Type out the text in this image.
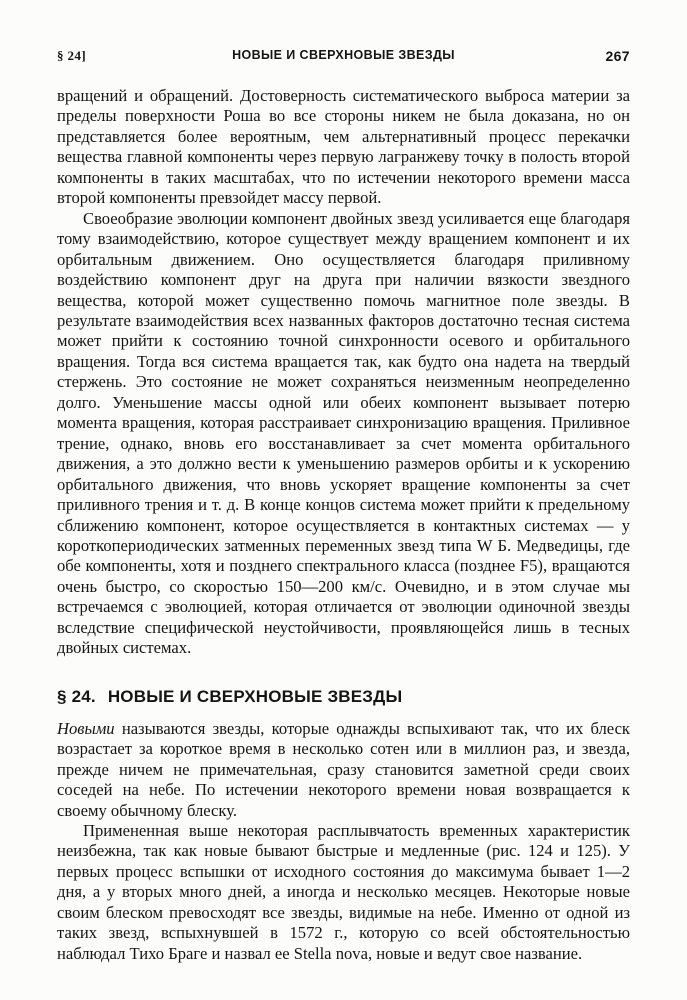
§ 24]	НОВЫЕ И СВЕРХНОВЫЕ ЗВЕЗДЫ	267

вращений и обращений. Достоверность систематического выброса материи за пределы поверхности Роша во все стороны никем не была доказана, но он представляется более вероятным, чем альтернативный процесс перекачки вещества главной компоненты через первую лагранжеву точку в полость второй компоненты в таких масштабах, что по истечении некоторого времени масса второй компоненты превзойдет массу первой.

Своеобразие эволюции компонент двойных звезд усиливается еще благодаря тому взаимодействию, которое существует между вращением компонент и их орбитальным движением. Оно осуществляется благодаря приливному воздействию компонент друг на друга при наличии вязкости звездного вещества, которой может существенно помочь магнитное поле звезды. В результате взаимодействия всех названных факторов достаточно тесная система может прийти к состоянию точной синхронности осевого и орбитального вращения. Тогда вся система вращается так, как будто она надета на твердый стержень. Это состояние не может сохраняться неизменным неопределенно долго. Уменьшение массы одной или обеих компонент вызывает потерю момента вращения, которая расстраивает синхронизацию вращения. Приливное трение, однако, вновь его восстанавливает за счет момента орбитального движения, а это должно вести к уменьшению размеров орбиты и к ускорению орбитального движения, что вновь ускоряет вращение компоненты за счет приливного трения и т. д. В конце концов система может прийти к предельному сближению компонент, которое осуществляется в контактных системах — у короткопериодических затменных переменных звезд типа W Б. Медведицы, где обе компоненты, хотя и позднего спектрального класса (позднее F5), вращаются очень быстро, со скоростью 150—200 км/с. Очевидно, и в этом случае мы встречаемся с эволюцией, которая отличается от эволюции одиночной звезды вследствие специфической неустойчивости, проявляющейся лишь в тесных двойных системах.

§ 24. НОВЫЕ И СВЕРХНОВЫЕ ЗВЕЗДЫ

Новыми называются звезды, которые однажды вспыхивают так, что их блеск возрастает за короткое время в несколько сотен или в миллион раз, и звезда, прежде ничем не примечательная, сразу становится заметной среди своих соседей на небе. По истечении некоторого времени новая возвращается к своему обычному блеску.

Примененная выше некоторая расплывчатость временных характеристик неизбежна, так как новые бывают быстрые и медленные (рис. 124 и 125). У первых процесс вспышки от исходного состояния до максимума бывает 1—2 дня, а у вторых много дней, а иногда и несколько месяцев. Некоторые новые своим блеском превосходят все звезды, видимые на небе. Именно от одной из таких звезд, вспыхнувшей в 1572 г., которую со всей обстоятельностью наблюдал Тихо Браге и назвал ее Stella nova, новые и ведут свое название.
